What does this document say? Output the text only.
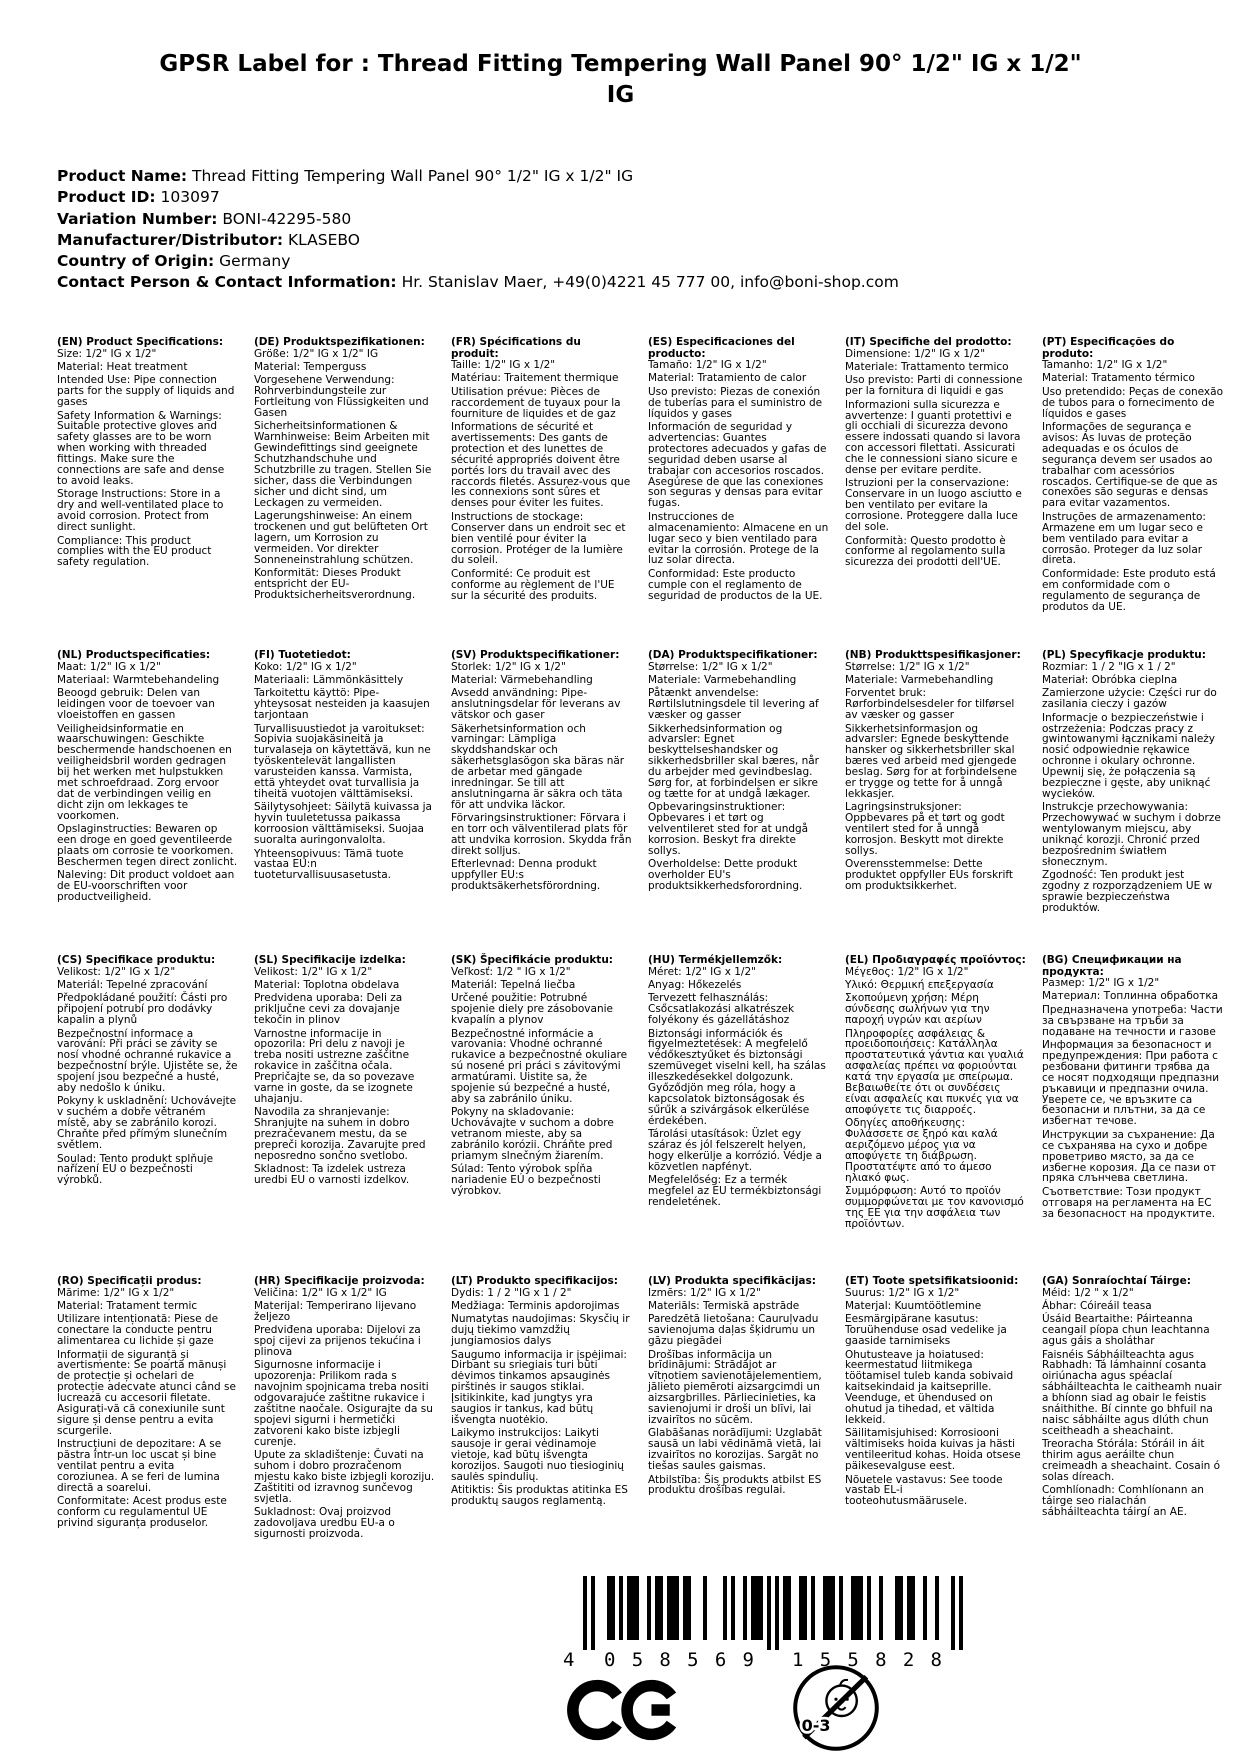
GPSR Label for : Thread Fitting Tempering Wall Panel 90° 1/2" IG x 1/2" IG
Product Name: Thread Fitting Tempering Wall Panel 90° 1/2" IG x 1/2" IG
Product ID: 103097
Variation Number: BONI-42295-580
Manufacturer/Distributor: KLASEBO
Country of Origin: Germany
Contact Person & Contact Information: Hr. Stanislav Maer, +49(0)4221 45 777 00, info@boni-shop.com
(EN) Product Specifications:

Size: 1/2" IG x 1/2"

Material: Heat treatment

Intended Use: Pipe connection parts for the supply of liquids and gases

Safety Information & Warnings: Suitable protective gloves and safety glasses are to be worn when working with threaded fittings. Make sure the connections are safe and dense to avoid leaks.

Storage Instructions: Store in a dry and well-ventilated place to avoid corrosion. Protect from direct sunlight.

Compliance: This product complies with the EU product safety regulation.

(DE) Produktspezifikationen:

Größe: 1/2" IG x 1/2" IG

Material: Temperguss

Vorgesehene Verwendung: Rohrverbindungsteile zur Fortleitung von Flüssigkeiten und Gasen

Sicherheitsinformationen & Warnhinweise: Beim Arbeiten mit Gewindefittings sind geeignete Schutzhandschuhe und Schutzbrille zu tragen. Stellen Sie sicher, dass die Verbindungen sicher und dicht sind, um Leckagen zu vermeiden.

Lagerungshinweise: An einem trockenen und gut belüfteten Ort lagern, um Korrosion zu vermeiden. Vor direkter Sonneneinstrahlung schützen.

Konformität: Dieses Produkt entspricht der EU-Produktsicherheitsverordnung.

(FR) Spécifications du produit:

Taille: 1/2" IG x 1/2"

Matériau: Traitement thermique

Utilisation prévue: Pièces de raccordement de tuyaux pour la fourniture de liquides et de gaz

Informations de sécurité et avertissements: Des gants de protection et des lunettes de sécurité appropriés doivent être portés lors du travail avec des raccords filetés. Assurez-vous que les connexions sont sûres et denses pour éviter les fuites.

Instructions de stockage: Conserver dans un endroit sec et bien ventilé pour éviter la corrosion. Protéger de la lumière du soleil.

Conformité: Ce produit est conforme au règlement de l'UE sur la sécurité des produits.

(ES) Especificaciones del producto:

Tamaño: 1/2" IG x 1/2"

Material: Tratamiento de calor

Uso previsto: Piezas de conexión de tuberías para el suministro de líquidos y gases

Información de seguridad y advertencias: Guantes protectores adecuados y gafas de seguridad deben usarse al trabajar con accesorios roscados. Asegúrese de que las conexiones son seguras y densas para evitar fugas.

Instrucciones de almacenamiento: Almacene en un lugar seco y bien ventilado para evitar la corrosión. Protege de la luz solar directa.

Conformidad: Este producto cumple con el reglamento de seguridad de productos de la UE.

(IT) Specifiche del prodotto:

Dimensione: 1/2" IG x 1/2"

Materiale: Trattamento termico

Uso previsto: Parti di connessione per la fornitura di liquidi e gas

Informazioni sulla sicurezza e avvertenze: I guanti protettivi e gli occhiali di sicurezza devono essere indossati quando si lavora con accessori filettati. Assicurati che le connessioni siano sicure e dense per evitare perdite.

Istruzioni per la conservazione: Conservare in un luogo asciutto e ben ventilato per evitare la corrosione. Proteggere dalla luce del sole.

Conformità: Questo prodotto è conforme al regolamento sulla sicurezza dei prodotti dell'UE.

(PT) Especificações do produto:

Tamanho: 1/2" IG x 1/2"

Material: Tratamento térmico

Uso pretendido: Peças de conexão de tubos para o fornecimento de líquidos e gases

Informações de segurança e avisos: As luvas de proteção adequadas e os óculos de segurança devem ser usados ao trabalhar com acessórios roscados. Certifique-se de que as conexões são seguras e densas para evitar vazamentos.

Instruções de armazenamento: Armazene em um lugar seco e bem ventilado para evitar a corrosão. Proteger da luz solar direta.

Conformidade: Este produto está em conformidade com o regulamento de segurança de produtos da UE.

(NL) Productspecificaties:

Maat: 1/2" IG x 1/2"

Materiaal: Warmtebehandeling

Beoogd gebruik: Delen van leidingen voor de toevoer van vloeistoffen en gassen

Veiligheidsinformatie en waarschuwingen: Geschikte beschermende handschoenen en veiligheidsbril worden gedragen bij het werken met hulpstukken met schroefdraad. Zorg ervoor dat de verbindingen veilig en dicht zijn om lekkages te voorkomen.

Opslaginstructies: Bewaren op een droge en goed geventileerde plaats om corrosie te voorkomen. Beschermen tegen direct zonlicht.

Naleving: Dit product voldoet aan de EU-voorschriften voor productveiligheid.

(FI) Tuotetiedot:

Koko: 1/2" IG x 1/2"

Materiaali: Lämmönkäsittely

Tarkoitettu käyttö: Pipe-yhteysosat nesteiden ja kaasujen tarjontaan

Turvallisuustiedot ja varoitukset: Sopivia suojakäsineitä ja turvalaseja on käytettävä, kun ne työskentelevät langallisten varusteiden kanssa. Varmista, että yhteydet ovat turvallisia ja tiheitä vuotojen välttämiseksi.

Säilytysohjeet: Säilytä kuivassa ja hyvin tuuletetussa paikassa korroosion välttämiseksi. Suojaa suoralta auringonvalolta.

Yhteensopivuus: Tämä tuote vastaa EU:n tuoteturvallisuusasetusta.

(SV) Produktspecifikationer:

Storlek: 1/2" IG x 1/2"

Material: Värmebehandling

Avsedd användning: Pipe-anslutningsdelar för leverans av vätskor och gaser

Säkerhetsinformation och varningar: Lämpliga skyddshandskar och säkerhetsglasögon ska bäras när de arbetar med gängade inredningar. Se till att anslutningarna är säkra och täta för att undvika läckor.

Förvaringsinstruktioner: Förvara i en torr och välventilerad plats för att undvika korrosion. Skydda från direkt solljus.

Efterlevnad: Denna produkt uppfyller EU:s produktsäkerhetsförordning.

(DA) Produktspecifikationer:

Størrelse: 1/2" IG x 1/2"

Materiale: Varmebehandling

Påtænkt anvendelse: Rørtilslutningsdele til levering af væsker og gasser

Sikkerhedsinformation og advarsler: Egnet beskyttelseshandsker og sikkerhedsbriller skal bæres, når du arbejder med gevindbeslag. Sørg for, at forbindelsen er sikre og tætte for at undgå lækager.

Opbevaringsinstruktioner: Opbevares i et tørt og velventileret sted for at undgå korrosion. Beskyt fra direkte sollys.

Overholdelse: Dette produkt overholder EU's produktsikkerhedsforordning.

(NB) Produkttspesifikasjoner:

Størrelse: 1/2" IG x 1/2"

Materiale: Varmebehandling

Forventet bruk: Rørforbindelsesdeler for tilførsel av væsker og gasser

Sikkerhetsinformasjon og advarsler: Egnede beskyttende hansker og sikkerhetsbriller skal bæres ved arbeid med gjengede beslag. Sørg for at forbindelsene er trygge og tette for å unngå lekkasjer.

Lagringsinstruksjoner: Oppbevares på et tørt og godt ventilert sted for å unngå korrosjon. Beskytt mot direkte sollys.

Overensstemmelse: Dette produktet oppfyller EUs forskrift om produktsikkerhet.

(PL) Specyfikacje produktu:

Rozmiar: 1 / 2 "IG x 1 / 2"

Materiał: Obróbka cieplna

Zamierzone użycie: Części rur do zasilania cieczy i gazów

Informacje o bezpieczeństwie i ostrzeżenia: Podczas pracy z gwintowanymi łącznikami należy nosić odpowiednie rękawice ochronne i okulary ochronne. Upewnij się, że połączenia są bezpieczne i gęste, aby uniknąć wycieków.

Instrukcje przechowywania: Przechowywać w suchym i dobrze wentylowanym miejscu, aby uniknąć korozji. Chronić przed bezpośrednim światłem słonecznym.

Zgodność: Ten produkt jest zgodny z rozporządzeniem UE w sprawie bezpieczeństwa produktów.

(CS) Specifikace produktu:

Velikost: 1/2" IG x 1/2"

Materiál: Tepelné zpracování

Předpokládané použití: Části pro připojení potrubí pro dodávky kapalin a plynů

Bezpečnostní informace a varování: Při práci se závity se nosí vhodné ochranné rukavice a bezpečnostní brýle. Ujistěte se, že spojení jsou bezpečné a husté, aby nedošlo k úniku.

Pokyny k uskladnění: Uchovávejte v suchém a dobře větraném místě, aby se zabránilo korozi. Chraňte před přímým slunečním světlem.

Soulad: Tento produkt splňuje nařízení EU o bezpečnosti výrobků.

(SL) Specifikacije izdelka:

Velikost: 1/2" IG x 1/2"

Material: Toplotna obdelava

Predvidena uporaba: Deli za priključne cevi za dovajanje tekočin in plinov

Varnostne informacije in opozorila: Pri delu z navoji je treba nositi ustrezne zaščitne rokavice in zaščitna očala. Prepričajte se, da so povezave varne in goste, da se izognete uhajanju.

Navodila za shranjevanje: Shranjujte na suhem in dobro prezračevanem mestu, da se prepreči korozija. Zavarujte pred neposredno sončno svetlobo.

Skladnost: Ta izdelek ustreza uredbi EU o varnosti izdelkov.

(SK) Špecifikácie produktu:

Veľkosť: 1/2 " IG x 1/2"

Materiál: Tepelná liečba

Určené použitie: Potrubné spojenie diely pre zásobovanie kvapalín a plynov

Bezpečnostné informácie a varovania: Vhodné ochranné rukavice a bezpečnostné okuliare sú nosené pri práci s závitovými armatúrami. Uistite sa, že spojenie sú bezpečné a husté, aby sa zabránilo úniku.

Pokyny na skladovanie: Uchovávajte v suchom a dobre vetranom mieste, aby sa zabránilo korózii. Chráňte pred priamym slnečným žiarením.

Súlad: Tento výrobok spĺňa nariadenie EÚ o bezpečnosti výrobkov.

(HU) Termékjellemzők:

Méret: 1/2" IG x 1/2"

Anyag: Hőkezelés

Tervezett felhasználás: Csőcsatlakozási alkatrészek folyékony és gázellátáshoz

Biztonsági információk és figyelmeztetések: A megfelelő védőkesztyűket és biztonsági szemüveget viselni kell, ha szálas illeszkedésekkel dolgozunk. Győződjön meg róla, hogy a kapcsolatok biztonságosak és sűrűk a szivárgások elkerülése érdekében.

Tárolási utasítások: Üzlet egy száraz és jól felszerelt helyen, hogy elkerülje a korrózió. Védje a közvetlen napfényt.

Megfelelőség: Ez a termék megfelel az EU termékbiztonsági rendeletének.

(EL) Προδιαγραφές προϊόντος:

Μέγεθος: 1/2" IG x 1/2"

Υλικό: Θερμική επεξεργασία

Σκοπούμενη χρήση: Μέρη σύνδεσης σωλήνων για την παροχή υγρών και αερίων

Πληροφορίες ασφάλειας & προειδοποιήσεις: Κατάλληλα προστατευτικά γάντια και γυαλιά ασφαλείας πρέπει να φοριούνται κατά την εργασία με σπείρωμα. Βεβαιωθείτε ότι οι συνδέσεις είναι ασφαλείς και πυκνές για να αποφύγετε τις διαρροές.

Οδηγίες αποθήκευσης: Φυλάσσετε σε ξηρό και καλά αεριζόμενο μέρος για να αποφύγετε τη διάβρωση. Προστατέψτε από το άμεσο ηλιακό φως.

Συμμόρφωση: Αυτό το προϊόν συμμορφώνεται με τον κανονισμό της ΕΕ για την ασφάλεια των προϊόντων.

(BG) Спецификации на продукта:

Размер: 1/2" IG x 1/2"

Материал: Топлинна обработка

Предназначена употреба: Части за свързване на тръби за подаване на течности и газове

Информация за безопасност и предупреждения: При работа с резбовани фитинги трябва да се носят подходящи предпазни ръкавици и предпазни очила. Уверете се, че връзките са безопасни и плътни, за да се избегнат течове.

Инструкции за съхранение: Да се съхранява на сухо и добре проветриво място, за да се избегне корозия. Да се пази от пряка слънчева светлина.

Съответствие: Този продукт отговаря на регламента на ЕС за безопасност на продуктите.

(RO) Specificații produs:

Mărime: 1/2" IG x 1/2"

Material: Tratament termic

Utilizare intenționată: Piese de conectare la conducte pentru alimentarea cu lichide și gaze

Informații de siguranță și avertismente: Se poartă mănuși de protecție și ochelari de protecție adecvate atunci când se lucrează cu accesorii filetate. Asigurați-vă că conexiunile sunt sigure și dense pentru a evita scurgerile.

Instrucțiuni de depozitare: A se păstra într-un loc uscat și bine ventilat pentru a evita coroziunea. A se feri de lumina directă a soarelui.

Conformitate: Acest produs este conform cu regulamentul UE privind siguranța produselor.

(HR) Specifikacije proizvoda:

Veličina: 1/2" IG x 1/2" IG

Materijal: Temperirano lijevano željezo

Predviđena uporaba: Dijelovi za spoj cijevi za prijenos tekućina i plinova

Sigurnosne informacije i upozorenja: Prilikom rada s navojnim spojnicama treba nositi odgovarajuće zaštitne rukavice i zaštitne naočale. Osigurajte da su spojevi sigurni i hermetički zatvoreni kako biste izbjegli curenje.

Upute za skladištenje: Čuvati na suhom i dobro prozračenom mjestu kako biste izbjegli koroziju. Zaštititi od izravnog sunčevog svjetla.

Sukladnost: Ovaj proizvod zadovoljava uredbu EU-a o sigurnosti proizvoda.

(LT) Produkto specifikacijos:

Dydis: 1 / 2 "IG x 1 / 2"

Medžiaga: Terminis apdorojimas

Numatytas naudojimas: Skysčių ir dujų tiekimo vamzdžių jungiamosios dalys

Saugumo informacija ir įspėjimai: Dirbant su sriegiais turi būti dėvimos tinkamos apsauginės pirštinės ir saugos stiklai. Įsitikinkite, kad jungtys yra saugios ir tankus, kad būtų išvengta nuotėkio.

Laikymo instrukcijos: Laikyti sausoje ir gerai vėdinamoje vietoje, kad būtų išvengta korozijos. Saugoti nuo tiesioginių saulės spindulių.

Atitiktis: Šis produktas atitinka ES produktų saugos reglamentą.

(LV) Produkta specifikācijas:

Izmērs: 1/2" IG x 1/2"

Materiāls: Termiskā apstrāde

Paredzētā lietošana: Cauruļvadu savienojuma daļas šķidrumu un gāzu piegādei

Drošības informācija un brīdinājumi: Strādājot ar vītņotiem savienotājelementiem, jālieto piemēroti aizsargcimdi un aizsargbrilles. Pārliecinieties, ka savienojumi ir droši un blīvi, lai izvairītos no sūcēm.

Glabāšanas norādījumi: Uzglabāt sausā un labi vēdināmā vietā, lai izvairītos no korozijas. Sargāt no tiešas saules gaismas.

Atbilstība: Šis produkts atbilst ES produktu drošības regulai.

(ET) Toote spetsifikatsioonid:

Suurus: 1/2" IG x 1/2"

Materjal: Kuumtöötlemine

Eesmärgipärane kasutus: Toruühenduse osad vedelike ja gaaside tarnimiseks

Ohutusteave ja hoiatused: keermestatud liitmikega töötamisel tuleb kanda sobivaid kaitsekindaid ja kaitseprille. Veenduge, et ühendused on ohutud ja tihedad, et vältida lekkeid.

Säilitamisjuhised: Korrosiooni vältimiseks hoida kuivas ja hästi ventileeritud kohas. Hoida otsese päikesevalguse eest.

Nõuetele vastavus: See toode vastab EL-i tooteohutusmäärusele.

(GA) Sonraíochtaí Táirge:

Méid: 1/2 " x 1/2"

Ábhar: Cóireáil teasa

Úsáid Beartaithe: Páirteanna ceangail píopa chun leachtanna agus gáis a sholáthar

Faisnéis Sábháilteachta agus Rabhadh: Tá lámhainní cosanta oiriúnacha agus spéaclaí sábháilteachta le caitheamh nuair a bhíonn siad ag obair le feistis snáithithe. Bí cinnte go bhfuil na naisc sábháilte agus dlúth chun sceitheadh a sheachaint.

Treoracha Stórála: Stóráil in áit thirim agus aeráilte chun creimeadh a sheachaint. Cosain ó solas díreach.

Comhlíonadh: Comhlíonann an táirge seo rialachán sábháilteachta táirgí an AE.

4 058569 155828
0-3
